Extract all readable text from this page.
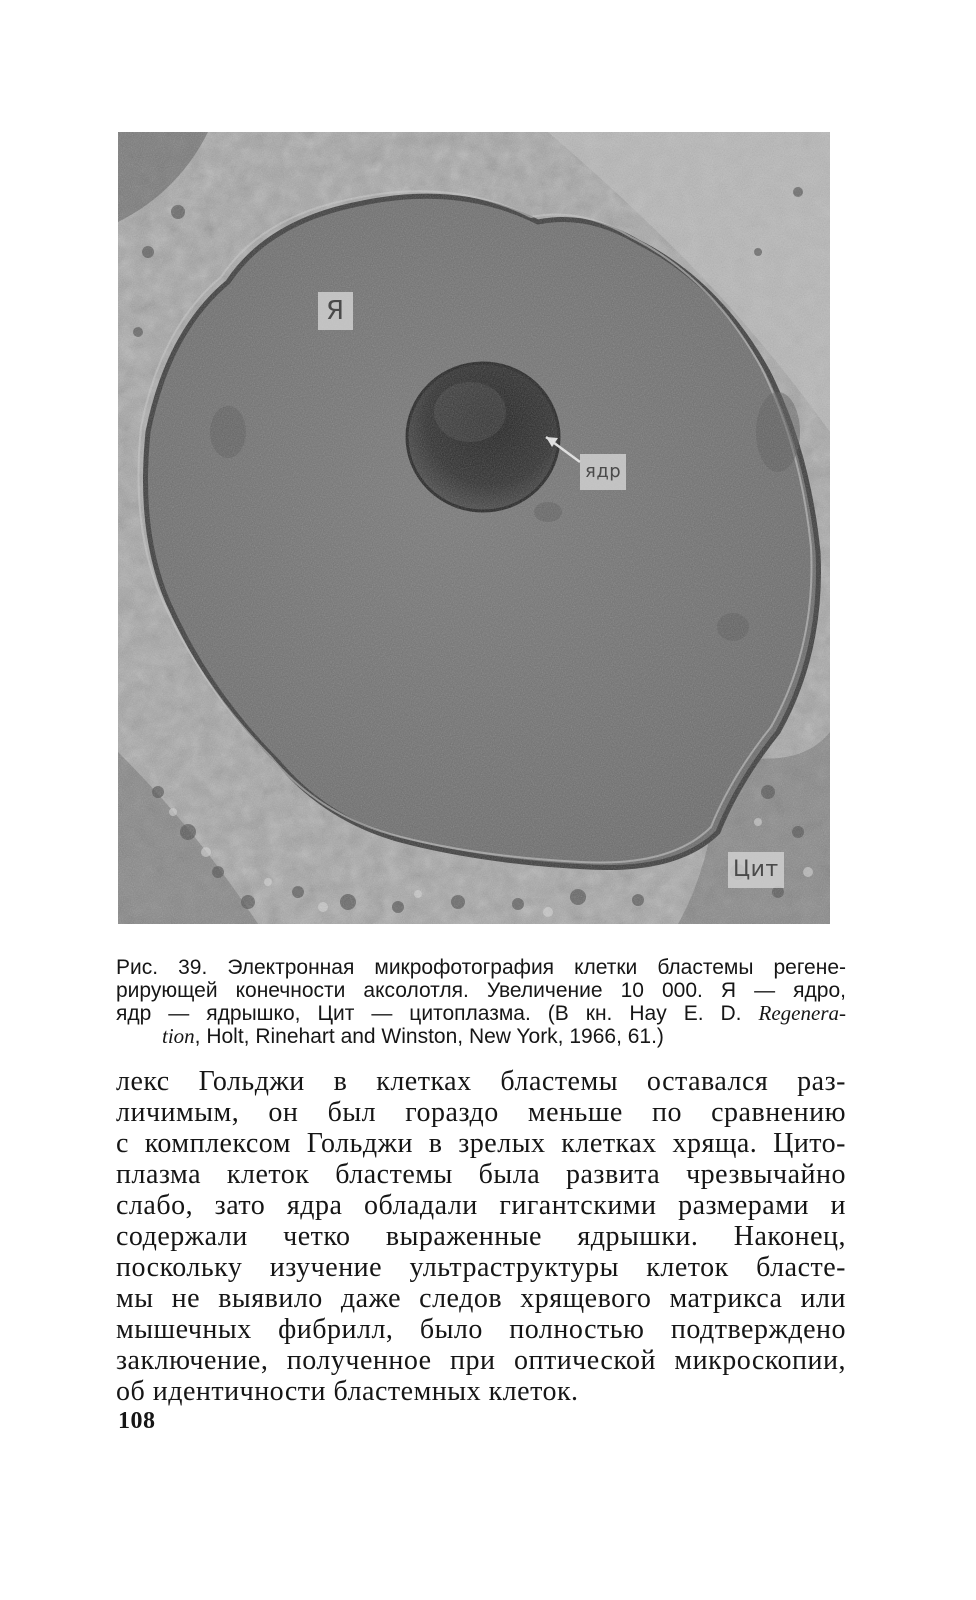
Я
ядр
Цит

Рис. 39. Электронная микрофотография клетки бластемы регене-
рирующей конечности аксолотля. Увеличение 10 000. Я — ядро,
ядр — ядрышко, Цит — цитоплазма. (В кн. Hay E. D. Regenera-
tion, Holt, Rinehart and Winston, New York, 1966, 61.)

лекс Гольджи в клетках бластемы оставался раз-
личимым, он был гораздо меньше по сравнению
с комплексом Гольджи в зрелых клетках хряща. Цито-
плазма клеток бластемы была развита чрезвычайно
слабо, зато ядра обладали гигантскими размерами и
содержали четко выраженные ядрышки. Наконец,
поскольку изучение ультраструктуры клеток бласте-
мы не выявило даже следов хрящевого матрикса или
мышечных фибрилл, было полностью подтверждено
заключение, полученное при оптической микроскопии,
об идентичности бластемных клеток.
108
